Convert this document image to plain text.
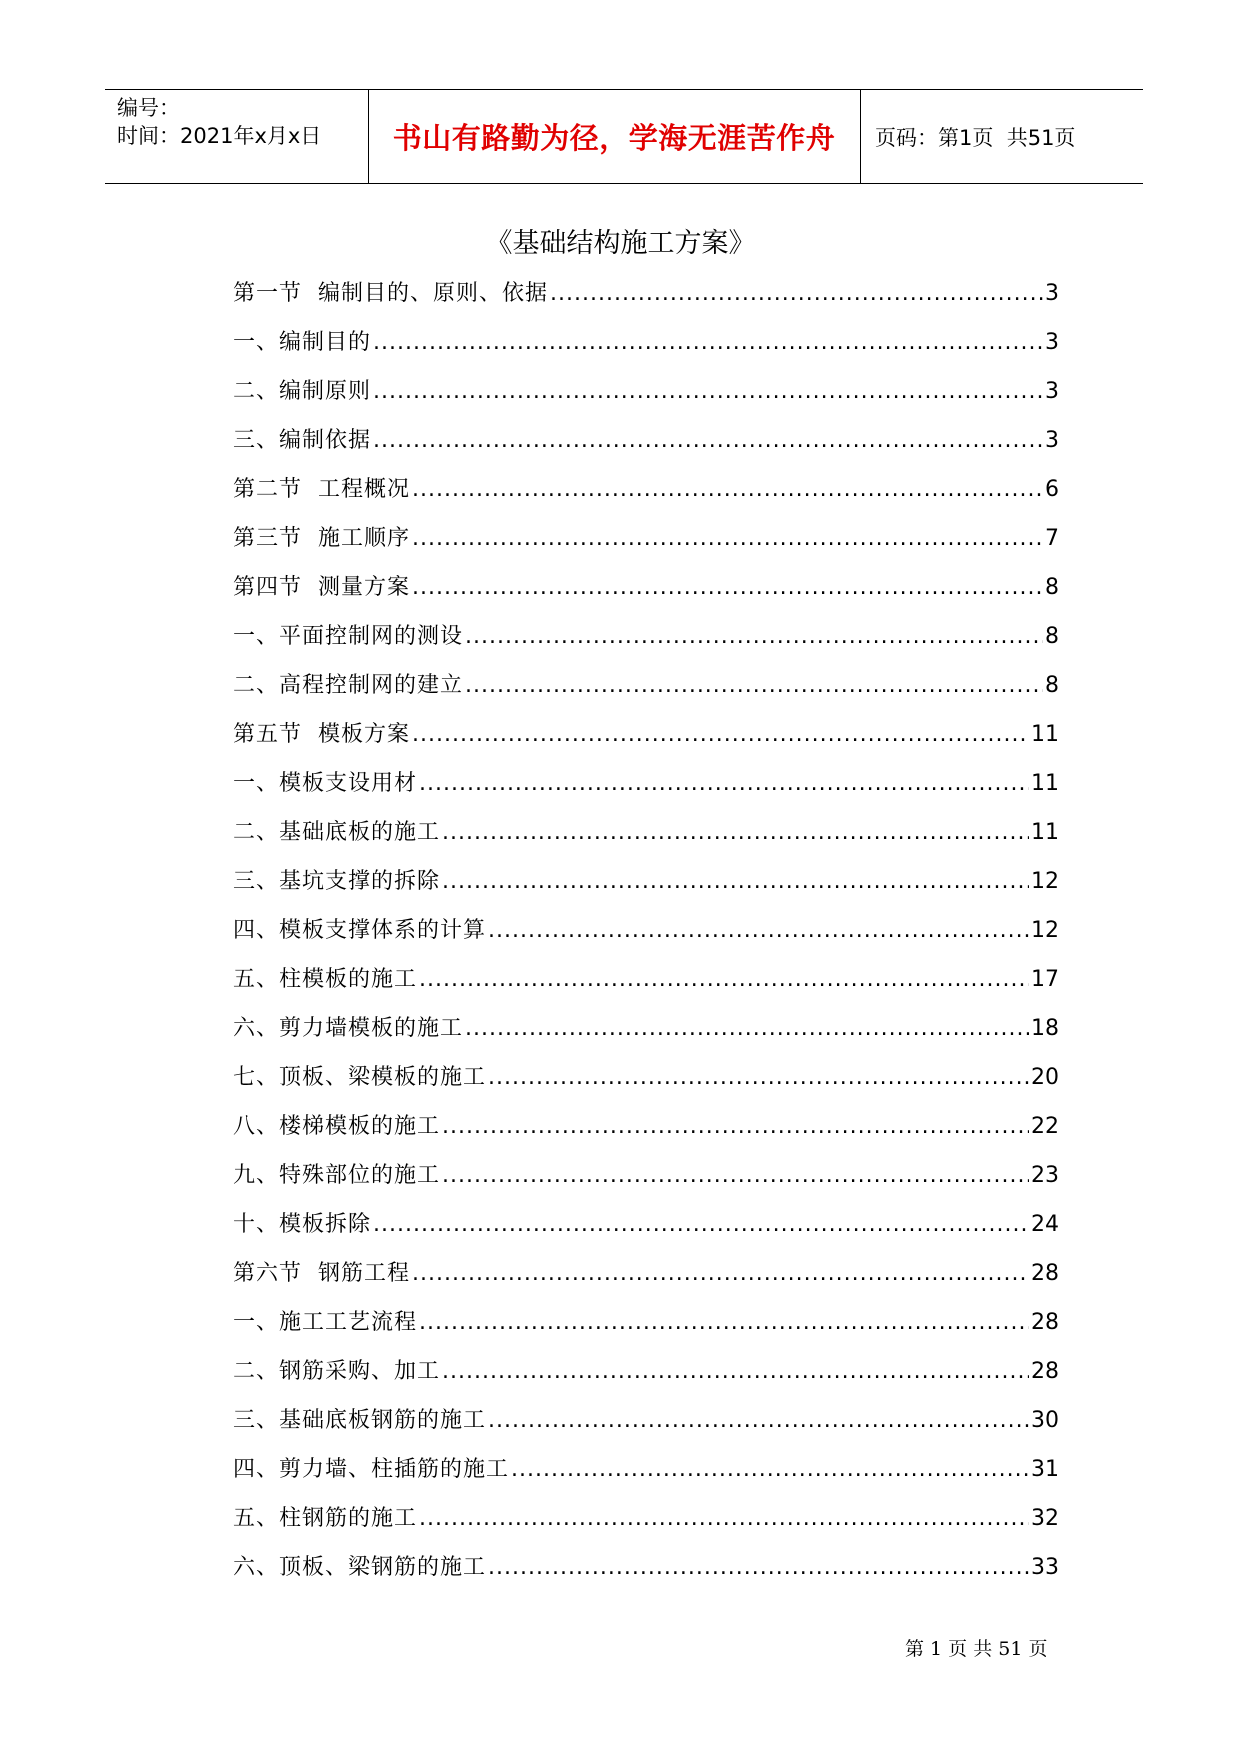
编号：
时间：2021年x月x日	书山有路勤为径，学海无涯苦作舟	页码：第1页  共51页
《基础结构施工方案》
第一节  编制目的、原则、依据 .....	3
一、编制目的 .....	3
二、编制原则 .....	3
三、编制依据 .....	3
第二节  工程概况 .....	6
第三节  施工顺序 .....	7
第四节  测量方案 .....	8
一、平面控制网的测设 .....	8
二、高程控制网的建立 .....	8
第五节  模板方案 .....	11
一、模板支设用材 .....	11
二、基础底板的施工 .....	11
三、基坑支撑的拆除 .....	12
四、模板支撑体系的计算 .....	12
五、柱模板的施工 .....	17
六、剪力墙模板的施工 .....	18
七、顶板、梁模板的施工 .....	20
八、楼梯模板的施工 .....	22
九、特殊部位的施工 .....	23
十、模板拆除 .....	24
第六节  钢筋工程 .....	28
一、施工工艺流程 .....	28
二、钢筋采购、加工 .....	28
三、基础底板钢筋的施工 .....	30
四、剪力墙、柱插筋的施工 .....	31
五、柱钢筋的施工 .....	32
六、顶板、梁钢筋的施工 .....	33
第 1 页 共 51 页
